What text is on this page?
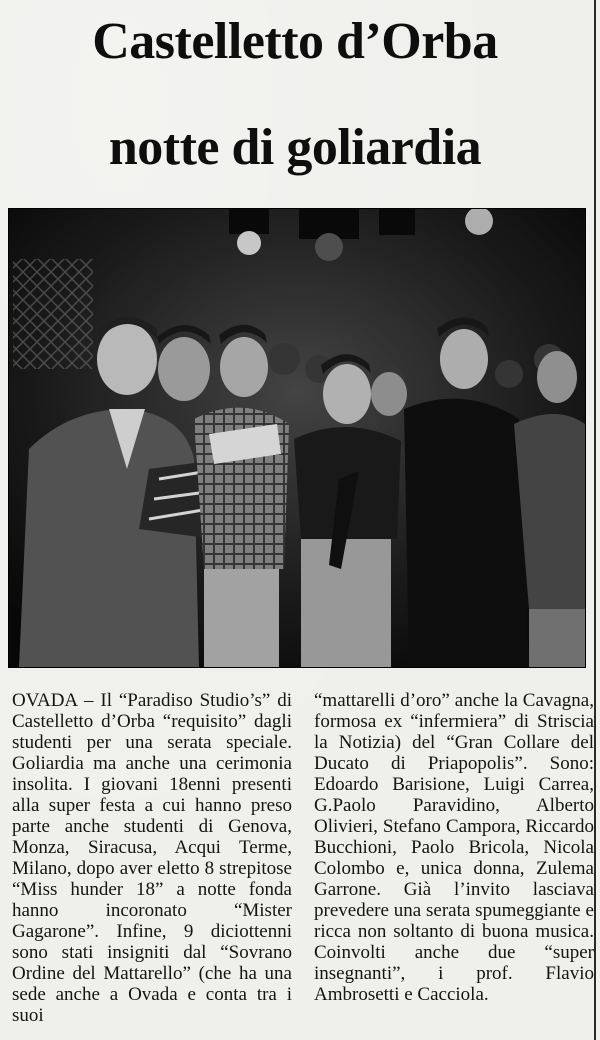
Castelletto d’Orba
notte di goliardia

OVADA – Il “Paradiso Studio’s” di Castelletto d’Orba “requisito” dagli studenti per una serata speciale. Goliardia ma anche una cerimonia insolita. I giovani 18enni presenti alla super festa a cui hanno preso parte anche studenti di Genova, Monza, Siracusa, Acqui Terme, Milano, dopo aver eletto 8 strepitose “Miss hunder 18” a notte fonda hanno incoronato “Mister Gagarone”. Infine, 9 diciottenni sono stati insigniti dal “Sovrano Ordine del Mattarello” (che ha una sede anche a Ovada e conta tra i suoi

“mattarelli d’oro” anche la Cavagna, formosa ex “infermiera” di Striscia la Notizia) del “Gran Collare del Ducato di Priapopolis”. Sono: Edoardo Barisione, Luigi Carrea, G.Paolo Paravidino, Alberto Olivieri, Stefano Campora, Riccardo Bucchioni, Paolo Bricola, Nicola Colombo e, unica donna, Zulema Garrone. Già l’invito lasciava prevedere una serata spumeggiante e ricca non soltanto di buona musica. Coinvolti anche due “super insegnanti”, i prof. Flavio Ambrosetti e Cacciola.
